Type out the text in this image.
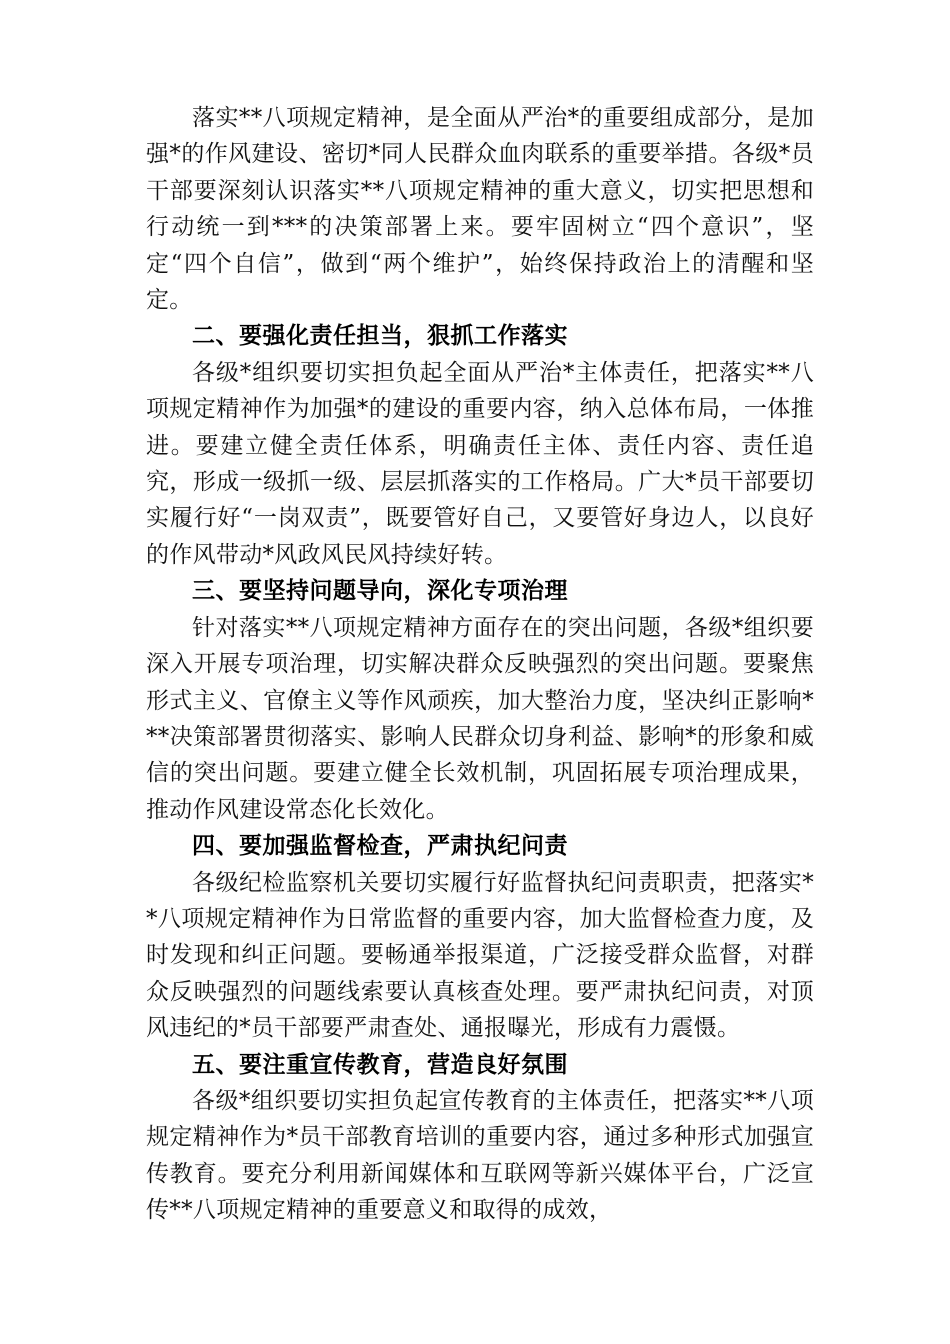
落实**八项规定精神，是全面从严治*的重要组成部分，是加强*的作风建设、密切*同人民群众血肉联系的重要举措。各级*员干部要深刻认识落实**八项规定精神的重大意义，切实把思想和行动统一到***的决策部署上来。要牢固树立“四个意识”，坚定“四个自信”，做到“两个维护”，始终保持政治上的清醒和坚定。

二、要强化责任担当，狠抓工作落实

各级*组织要切实担负起全面从严治*主体责任，把落实**八项规定精神作为加强*的建设的重要内容，纳入总体布局，一体推进。要建立健全责任体系，明确责任主体、责任内容、责任追究，形成一级抓一级、层层抓落实的工作格局。广大*员干部要切实履行好“一岗双责”，既要管好自己，又要管好身边人，以良好的作风带动*风政风民风持续好转。

三、要坚持问题导向，深化专项治理

针对落实**八项规定精神方面存在的突出问题，各级*组织要深入开展专项治理，切实解决群众反映强烈的突出问题。要聚焦形式主义、官僚主义等作风顽疾，加大整治力度，坚决纠正影响***决策部署贯彻落实、影响人民群众切身利益、影响*的形象和威信的突出问题。要建立健全长效机制，巩固拓展专项治理成果，推动作风建设常态化长效化。

四、要加强监督检查，严肃执纪问责

各级纪检监察机关要切实履行好监督执纪问责职责，把落实**八项规定精神作为日常监督的重要内容，加大监督检查力度，及时发现和纠正问题。要畅通举报渠道，广泛接受群众监督，对群众反映强烈的问题线索要认真核查处理。要严肃执纪问责，对顶风违纪的*员干部要严肃查处、通报曝光，形成有力震慑。

五、要注重宣传教育，营造良好氛围

各级*组织要切实担负起宣传教育的主体责任，把落实**八项规定精神作为*员干部教育培训的重要内容，通过多种形式加强宣传教育。要充分利用新闻媒体和互联网等新兴媒体平台，广泛宣传**八项规定精神的重要意义和取得的成效，
